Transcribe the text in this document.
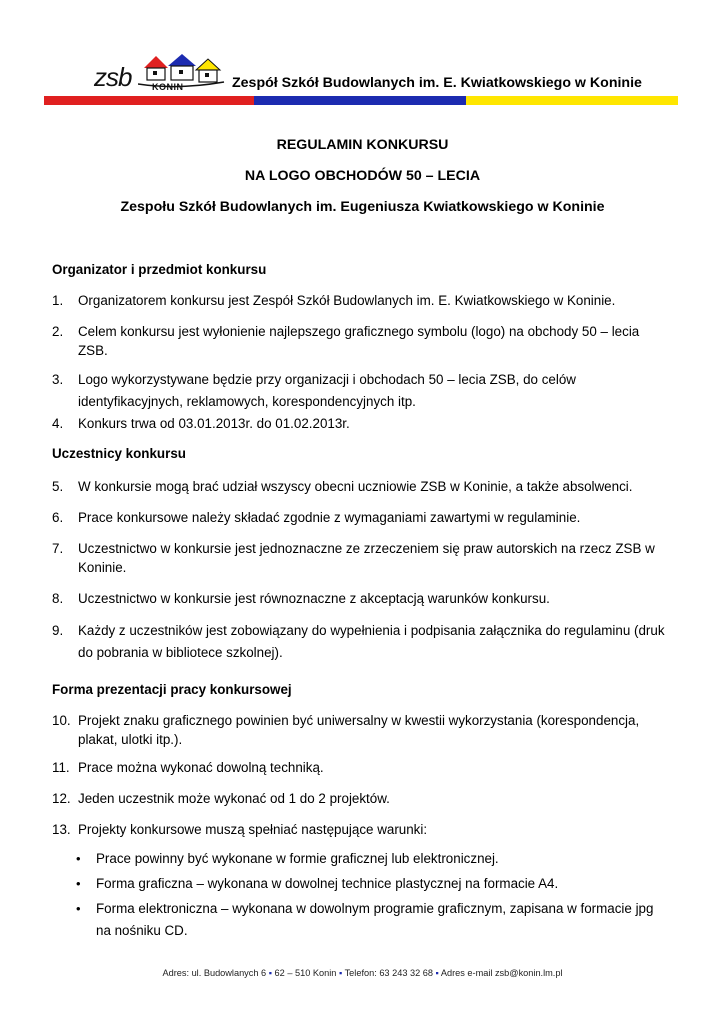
zsb KONIN	Zespół Szkół Budowlanych im. E. Kwiatkowskiego w Koninie
REGULAMIN KONKURSU
NA LOGO OBCHODÓW 50 – LECIA
Zespołu Szkół Budowlanych im. Eugeniusza Kwiatkowskiego w Koninie
Organizator i przedmiot konkursu
1. Organizatorem konkursu jest Zespół Szkół Budowlanych im. E. Kwiatkowskiego w Koninie.
2. Celem konkursu jest wyłonienie najlepszego graficznego symbolu (logo) na obchody 50 – lecia ZSB.
3. Logo wykorzystywane będzie przy organizacji i obchodach 50 – lecia ZSB, do celów identyfikacyjnych, reklamowych, korespondencyjnych itp.
4. Konkurs trwa od 03.01.2013r. do 01.02.2013r.
Uczestnicy konkursu
5. W konkursie mogą brać udział wszyscy obecni uczniowie ZSB w Koninie, a także absolwenci.
6. Prace konkursowe należy składać zgodnie z wymaganiami zawartymi w regulaminie.
7. Uczestnictwo w konkursie jest jednoznaczne ze zrzeczeniem się praw autorskich na rzecz ZSB w Koninie.
8. Uczestnictwo w konkursie jest równoznaczne z akceptacją warunków konkursu.
9. Każdy z uczestników jest zobowiązany do wypełnienia i podpisania załącznika do regulaminu (druk do pobrania w bibliotece szkolnej).
Forma prezentacji pracy konkursowej
10. Projekt znaku graficznego powinien być uniwersalny w kwestii wykorzystania (korespondencja, plakat, ulotki itp.).
11. Prace można wykonać dowolną techniką.
12. Jeden uczestnik może wykonać od 1 do 2 projektów.
13. Projekty konkursowe muszą spełniać następujące warunki:
• Prace powinny być wykonane w formie graficznej lub elektronicznej.
• Forma graficzna – wykonana w dowolnej technice plastycznej na formacie A4.
• Forma elektroniczna – wykonana w dowolnym programie graficznym, zapisana w formacie jpg na nośniku CD.
Adres: ul. Budowlanych 6 ▪ 62 – 510 Konin ▪ Telefon: 63 243 32 68 ▪ Adres e-mail zsb@konin.lm.pl
